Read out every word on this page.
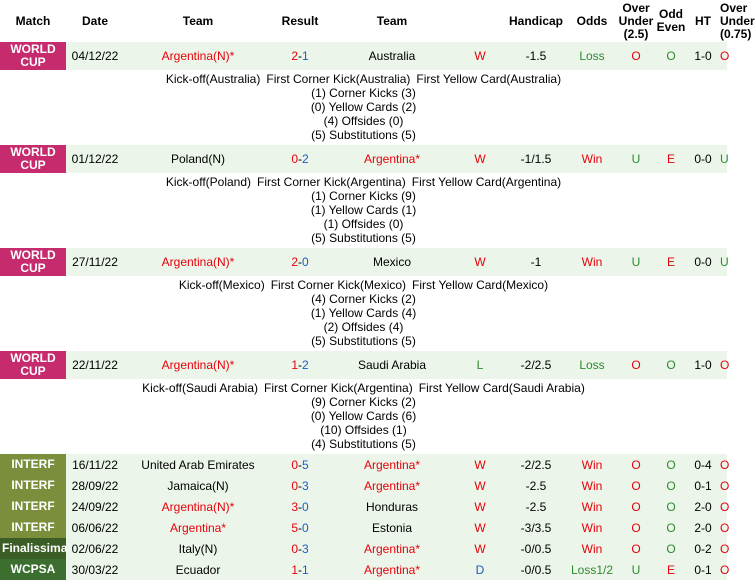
Match	Date	Team	Result	Team		Handicap	Odds	Over Under (2.5)	Odd Even	HT	Over Under (0.75)
WORLD CUP	04/12/22	Argentina(N)*	2-1	Australia	W	-1.5	Loss	O	O	1-0	O

Kick-off(Australia) First Corner Kick(Australia) First Yellow Card(Australia)
(1) Corner Kicks (3)
(0) Yellow Cards (2)
(4) Offsides (0)
(5) Substitutions (5)											

WORLD CUP	01/12/22	Poland(N)	0-2	Argentina*	W	-1/1.5	Win	U	E	0-0	U

Kick-off(Poland) First Corner Kick(Argentina) First Yellow Card(Argentina)
(1) Corner Kicks (9)
(1) Yellow Cards (1)
(1) Offsides (0)
(5) Substitutions (5)											

WORLD CUP	27/11/22	Argentina(N)*	2-0	Mexico	W	-1	Win	U	E	0-0	U

Kick-off(Mexico) First Corner Kick(Mexico) First Yellow Card(Mexico)
(4) Corner Kicks (2)
(1) Yellow Cards (4)
(2) Offsides (4)
(5) Substitutions (5)											

WORLD CUP	22/11/22	Argentina(N)*	1-2	Saudi Arabia	L	-2/2.5	Loss	O	O	1-0	O

Kick-off(Saudi Arabia) First Corner Kick(Argentina) First Yellow Card(Saudi Arabia)
(9) Corner Kicks (2)
(0) Yellow Cards (6)
(10) Offsides (1)
(4) Substitutions (5)											

INTERF	16/11/22	United Arab Emirates	0-5	Argentina*	W	-2/2.5	Win	O	O	0-4	O
INTERF	28/09/22	Jamaica(N)	0-3	Argentina*	W	-2.5	Win	O	O	0-1	O
INTERF	24/09/22	Argentina(N)*	3-0	Honduras	W	-2.5	Win	O	O	2-0	O
INTERF	06/06/22	Argentina*	5-0	Estonia	W	-3/3.5	Win	O	O	2-0	O
Finalissima	02/06/22	Italy(N)	0-3	Argentina*	W	-0/0.5	Win	O	O	0-2	O
WCPSA	30/03/22	Ecuador	1-1	Argentina*	D	-0/0.5	Loss1/2	U	E	0-1	O
